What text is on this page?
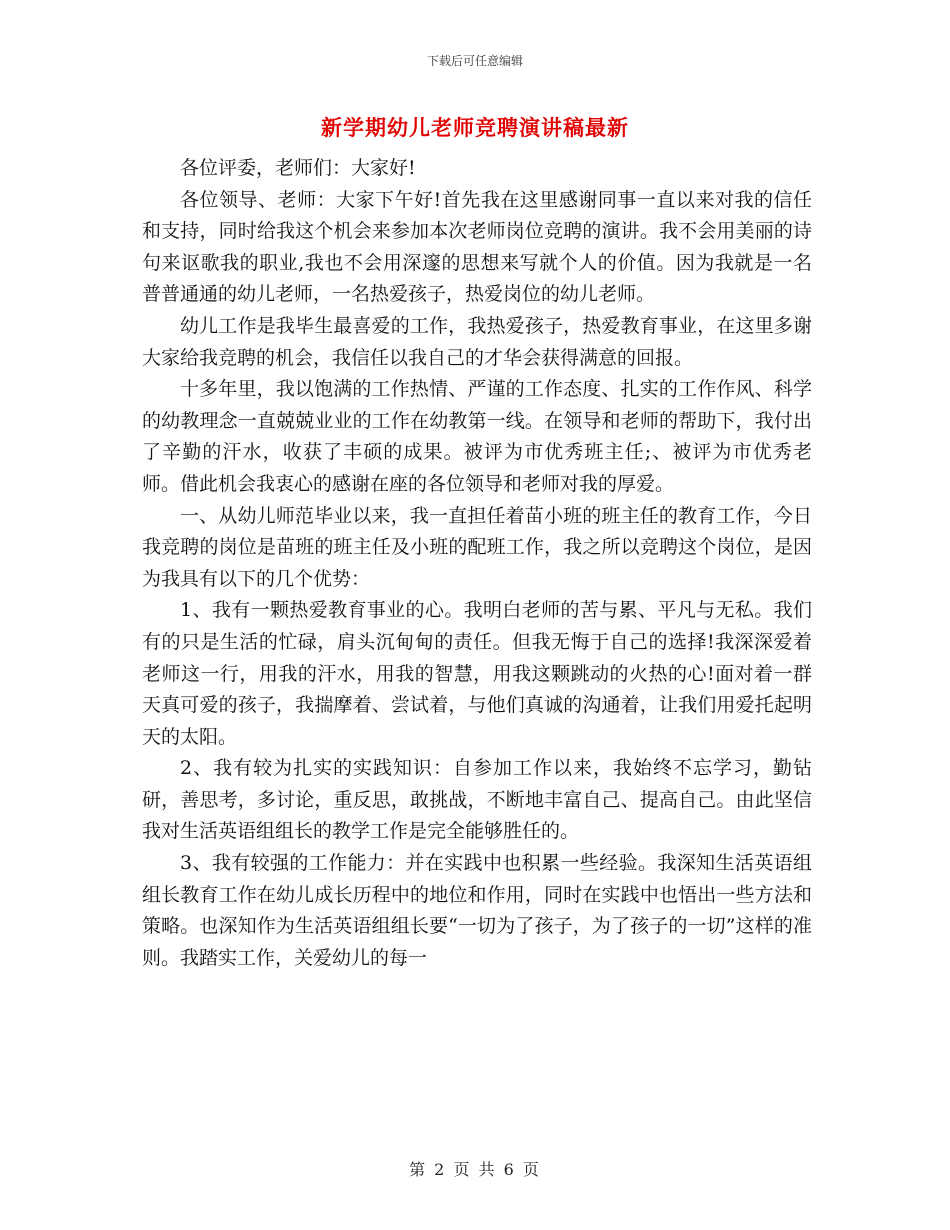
下载后可任意编辑
新学期幼儿老师竞聘演讲稿最新

各位评委，老师们：大家好!

各位领导、老师：大家下午好!首先我在这里感谢同事一直以来对我的信任和支持，同时给我这个机会来参加本次老师岗位竞聘的演讲。我不会用美丽的诗句来讴歌我的职业,我也不会用深邃的思想来写就个人的价值。因为我就是一名普普通通的幼儿老师，一名热爱孩子，热爱岗位的幼儿老师。

幼儿工作是我毕生最喜爱的工作，我热爱孩子，热爱教育事业，在这里多谢大家给我竞聘的机会，我信任以我自己的才华会获得满意的回报。

十多年里，我以饱满的工作热情、严谨的工作态度、扎实的工作作风、科学的幼教理念一直兢兢业业的工作在幼教第一线。在领导和老师的帮助下，我付出了辛勤的汗水，收获了丰硕的成果。被评为市优秀班主任;、被评为市优秀老师。借此机会我衷心的感谢在座的各位领导和老师对我的厚爱。

一、从幼儿师范毕业以来，我一直担任着苗小班的班主任的教育工作，今日我竞聘的岗位是苗班的班主任及小班的配班工作，我之所以竞聘这个岗位，是因为我具有以下的几个优势：

1、我有一颗热爱教育事业的心。我明白老师的苦与累、平凡与无私。我们有的只是生活的忙碌，肩头沉甸甸的责任。但我无悔于自己的选择!我深深爱着老师这一行，用我的汗水，用我的智慧，用我这颗跳动的火热的心!面对着一群天真可爱的孩子，我揣摩着、尝试着，与他们真诚的沟通着，让我们用爱托起明天的太阳。

2、我有较为扎实的实践知识：自参加工作以来，我始终不忘学习，勤钻研，善思考，多讨论，重反思，敢挑战，不断地丰富自己、提高自己。由此坚信我对生活英语组组长的教学工作是完全能够胜任的。

3、我有较强的工作能力：并在实践中也积累一些经验。我深知生活英语组组长教育工作在幼儿成长历程中的地位和作用，同时在实践中也悟出一些方法和策略。也深知作为生活英语组组长要“一切为了孩子，为了孩子的一切”这样的准则。我踏实工作，关爱幼儿的每一

第 2 页 共 6 页
